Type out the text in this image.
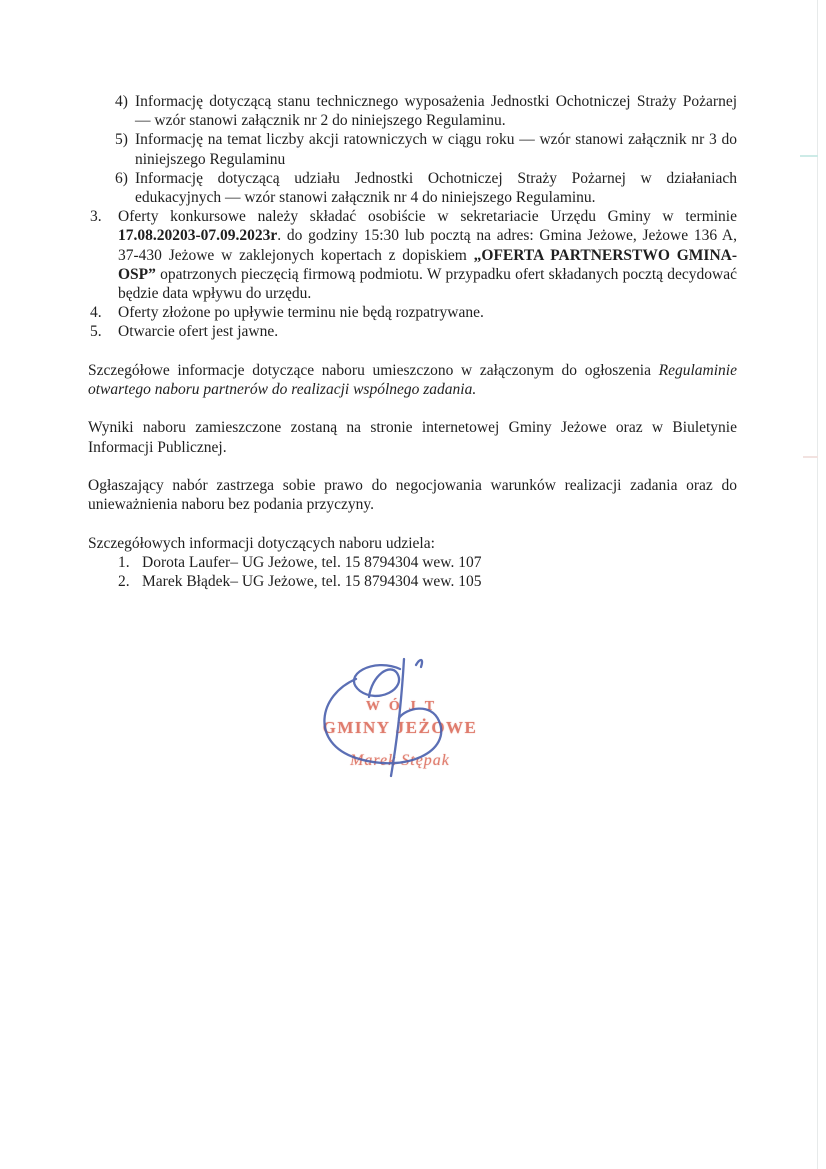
4) Informację dotyczącą stanu technicznego wyposażenia Jednostki Ochotniczej Straży Pożarnej — wzór stanowi załącznik nr 2 do niniejszego Regulaminu.
5) Informację na temat liczby akcji ratowniczych w ciągu roku — wzór stanowi załącznik nr 3 do niniejszego Regulaminu
6) Informację dotyczącą udziału Jednostki Ochotniczej Straży Pożarnej w działaniach edukacyjnych — wzór stanowi załącznik nr 4 do niniejszego Regulaminu.
3. Oferty konkursowe należy składać osobiście w sekretariacie Urzędu Gminy w terminie 17.08.20203-07.09.2023r. do godziny 15:30 lub pocztą na adres: Gmina Jeżowe, Jeżowe 136 A, 37-430 Jeżowe w zaklejonych kopertach z dopiskiem „OFERTA PARTNERSTWO GMINA-OSP” opatrzonych pieczęcią firmową podmiotu. W przypadku ofert składanych pocztą decydować będzie data wpływu do urzędu.
4. Oferty złożone po upływie terminu nie będą rozpatrywane.
5. Otwarcie ofert jest jawne.

Szczegółowe informacje dotyczące naboru umieszczono w załączonym do ogłoszenia Regulaminie otwartego naboru partnerów do realizacji wspólnego zadania.

Wyniki naboru zamieszczone zostaną na stronie internetowej Gminy Jeżowe oraz w Biuletynie Informacji Publicznej.

Ogłaszający nabór zastrzega sobie prawo do negocjowania warunków realizacji zadania oraz do unieważnienia naboru bez podania przyczyny.

Szczegółowych informacji dotyczących naboru udziela:

1. Dorota Laufer– UG Jeżowe, tel. 15 8794304 wew. 107
2. Marek Błądek– UG Jeżowe, tel. 15 8794304 wew. 105
WÓJT
GMINY JEŻOWE
Marek Stępak
